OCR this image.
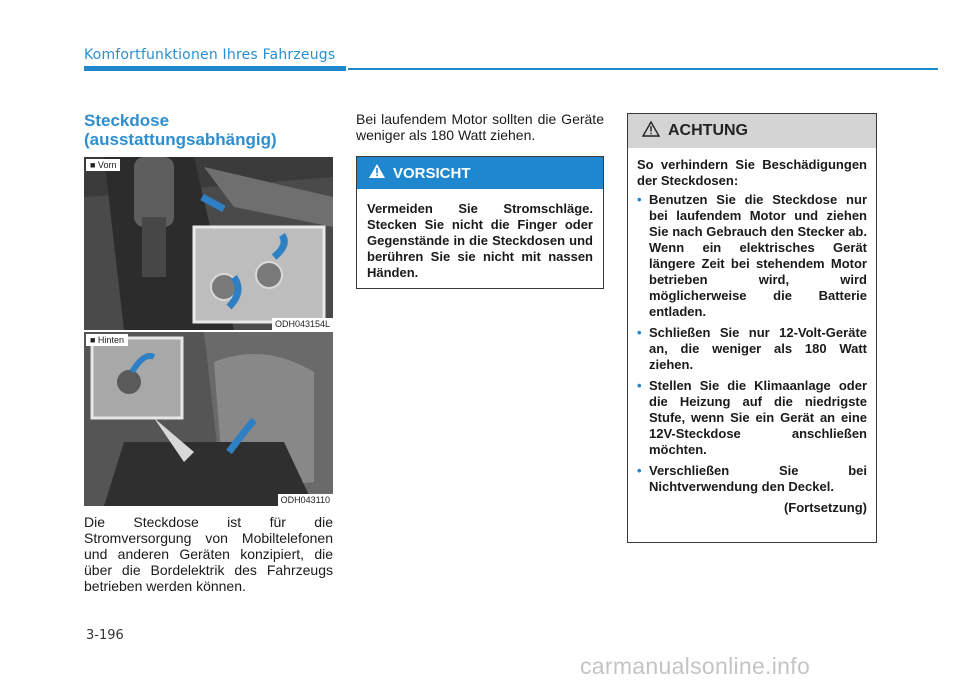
Komfortfunktionen Ihres Fahrzeugs
Steckdose (ausstattungsabhängig)
■ Vorn
ODH043154L
■ Hinten
ODH043110
Die Steckdose ist für die Stromversorgung von Mobiltelefonen und anderen Geräten konzipiert, die über die Bordelektrik des Fahrzeugs betrieben werden können.
Bei laufendem Motor sollten die Geräte weniger als 180 Watt ziehen.
VORSICHT
Vermeiden Sie Stromschläge. Stecken Sie nicht die Finger oder Gegenstände in die Steckdosen und berühren Sie sie nicht mit nassen Händen.
ACHTUNG
So verhindern Sie Beschädigungen der Steckdosen:
• Benutzen Sie die Steckdose nur bei laufendem Motor und ziehen Sie nach Gebrauch den Stecker ab. Wenn ein elektrisches Gerät längere Zeit bei stehendem Motor betrieben wird, wird möglicherweise die Batterie entladen.
• Schließen Sie nur 12-Volt-Geräte an, die weniger als 180 Watt ziehen.
• Stellen Sie die Klimaanlage oder die Heizung auf die niedrigste Stufe, wenn Sie ein Gerät an eine 12V-Steckdose anschließen möchten.
• Verschließen Sie bei Nichtverwendung den Deckel.
(Fortsetzung)
3-196
carmanualsonline.info
